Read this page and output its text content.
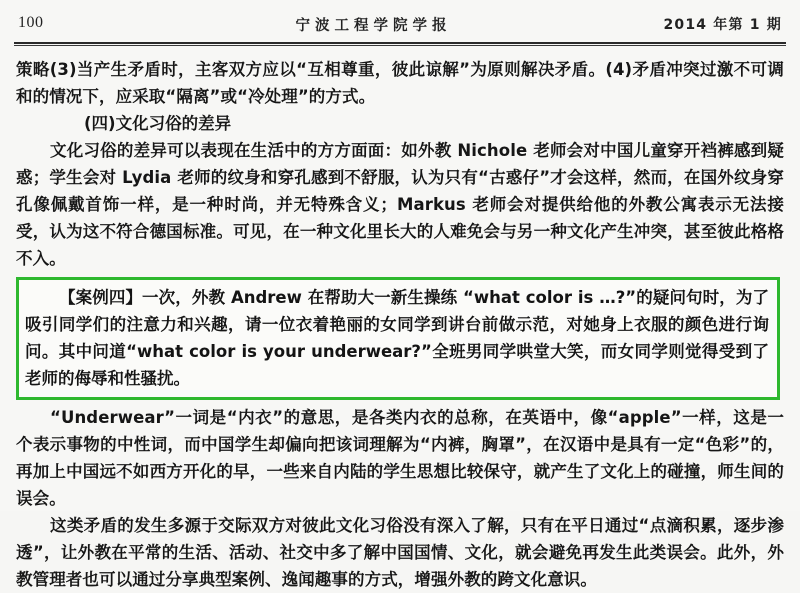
100	宁波工程学院学报	2014 年第 1 期

策略(3)当产生矛盾时，主客双方应以“互相尊重，彼此谅解”为原则解决矛盾。(4)矛盾冲突过激不可调和的情况下，应采取“隔离”或“冷处理”的方式。

(四)文化习俗的差异

文化习俗的差异可以表现在生活中的方方面面：如外教 Nichole 老师会对中国儿童穿开裆裤感到疑惑；学生会对 Lydia 老师的纹身和穿孔感到不舒服，认为只有“古惑仔”才会这样，然而，在国外纹身穿孔像佩戴首饰一样，是一种时尚，并无特殊含义；Markus 老师会对提供给他的外教公寓表示无法接受，认为这不符合德国标准。可见，在一种文化里长大的人难免会与另一种文化产生冲突，甚至彼此格格不入。

【案例四】一次，外教 Andrew 在帮助大一新生操练 “what color is …?”的疑问句时，为了吸引同学们的注意力和兴趣，请一位衣着艳丽的女同学到讲台前做示范，对她身上衣服的颜色进行询问。其中问道“what color is your underwear?”全班男同学哄堂大笑，而女同学则觉得受到了老师的侮辱和性骚扰。

“Underwear”一词是“内衣”的意思，是各类内衣的总称，在英语中，像“apple”一样，这是一个表示事物的中性词，而中国学生却偏向把该词理解为“内裤，胸罩”，在汉语中是具有一定“色彩”的，再加上中国远不如西方开化的早，一些来自内陆的学生思想比较保守，就产生了文化上的碰撞，师生间的误会。

这类矛盾的发生多源于交际双方对彼此文化习俗没有深入了解，只有在平日通过“点滴积累，逐步渗透”，让外教在平常的生活、活动、社交中多了解中国国情、文化，就会避免再发生此类误会。此外，外教管理者也可以通过分享典型案例、逸闻趣事的方式，增强外教的跨文化意识。
